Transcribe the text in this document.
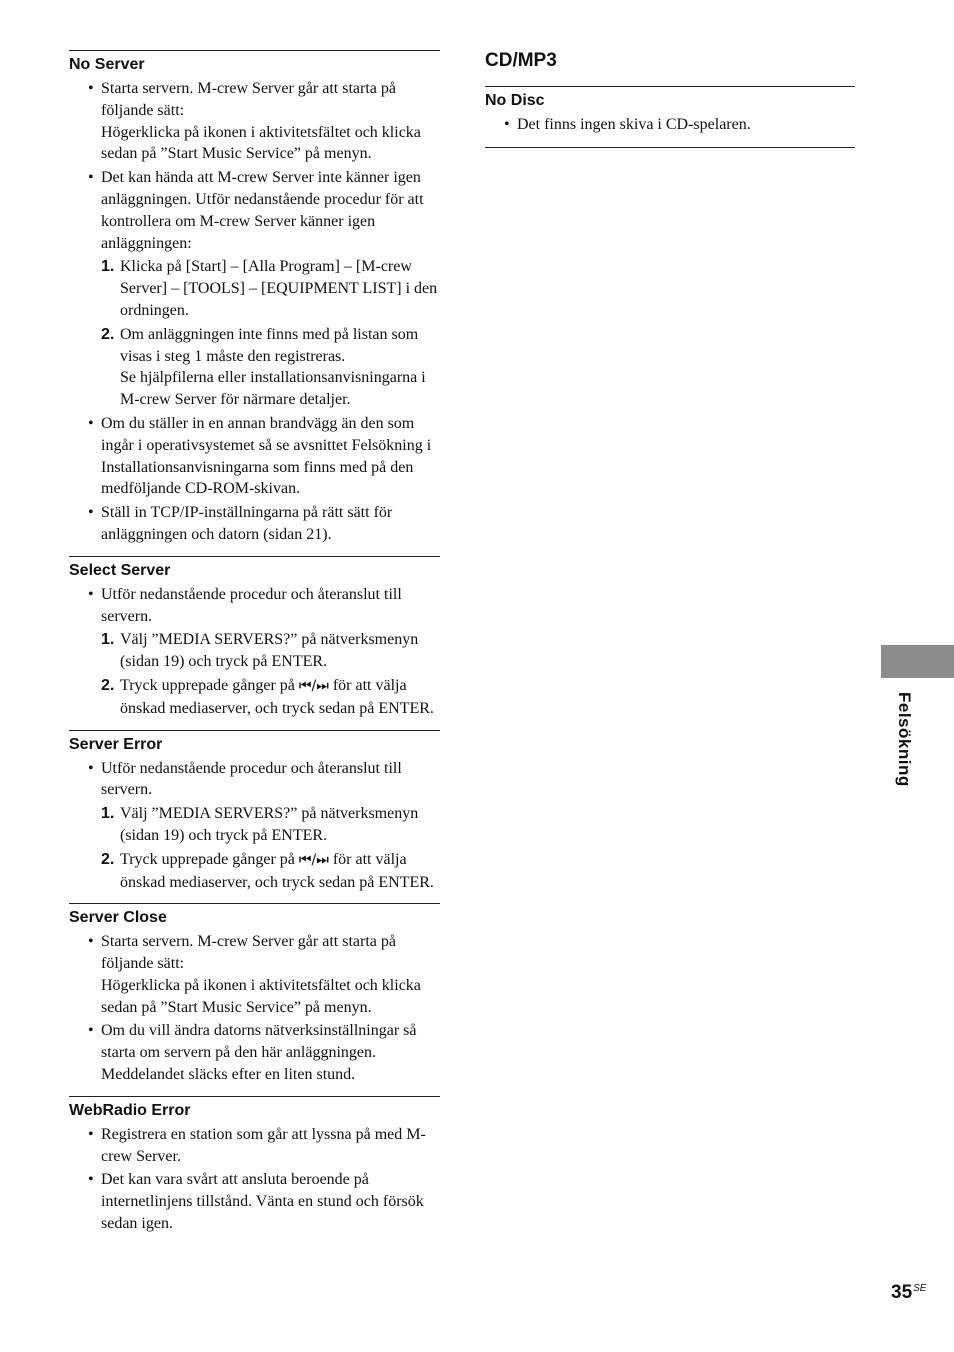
No Server
• Starta servern. M-crew Server går att starta på följande sätt:
Högerklicka på ikonen i aktivitetsfältet och klicka sedan på ”Start Music Service” på menyn.
• Det kan hända att M-crew Server inte känner igen anläggningen. Utför nedanstående procedur för att kontrollera om M-crew Server känner igen anläggningen:
1. Klicka på [Start] – [Alla Program] – [M-crew Server] – [TOOLS] – [EQUIPMENT LIST] i den ordningen.
2. Om anläggningen inte finns med på listan som visas i steg 1 måste den registreras.
Se hjälpfilerna eller installationsanvisningarna i M-crew Server för närmare detaljer.
• Om du ställer in en annan brandvägg än den som ingår i operativsystemet så se avsnittet Felsökning i Installationsanvisningarna som finns med på den medföljande CD-ROM-skivan.
• Ställ in TCP/IP-inställningarna på rätt sätt för anläggningen och datorn (sidan 21).
Select Server
• Utför nedanstående procedur och återanslut till servern.
1. Välj ”MEDIA SERVERS?” på nätverksmenyn (sidan 19) och tryck på ENTER.
2. Tryck upprepade gånger på ⏮/⏭ för att välja önskad mediaserver, och tryck sedan på ENTER.
Server Error
• Utför nedanstående procedur och återanslut till servern.
1. Välj ”MEDIA SERVERS?” på nätverksmenyn (sidan 19) och tryck på ENTER.
2. Tryck upprepade gånger på ⏮/⏭ för att välja önskad mediaserver, och tryck sedan på ENTER.
Server Close
• Starta servern. M-crew Server går att starta på följande sätt:
Högerklicka på ikonen i aktivitetsfältet och klicka sedan på ”Start Music Service” på menyn.
• Om du vill ändra datorns nätverksinställningar så starta om servern på den här anläggningen. Meddelandet släcks efter en liten stund.
WebRadio Error
• Registrera en station som går att lyssna på med M-crew Server.
• Det kan vara svårt att ansluta beroende på internetlinjens tillstånd. Vänta en stund och försök sedan igen.
CD/MP3
No Disc
• Det finns ingen skiva i CD-spelaren.
Felsökning
$35^{SE}$
